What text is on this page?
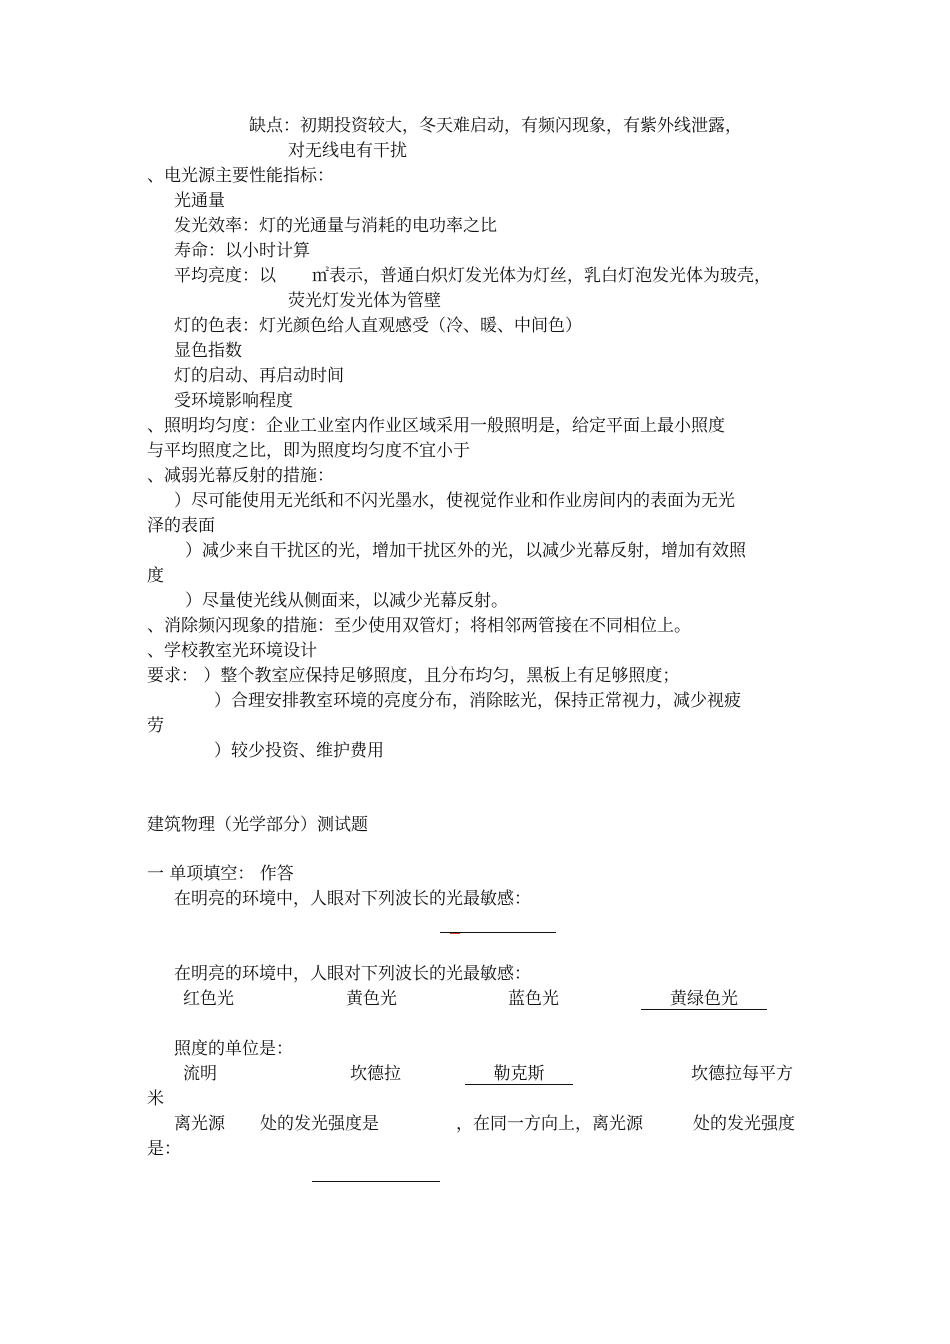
缺点：初期投资较大，冬天难启动，有频闪现象，有紫外线泄露，
对无线电有干扰
、电光源主要性能指标：
光通量
发光效率：灯的光通量与消耗的电功率之比
寿命：以小时计算
平均亮度：以 ㎡表示，普通白炽灯发光体为灯丝，乳白灯泡发光体为玻壳，
荧光灯发光体为管壁
灯的色表：灯光颜色给人直观感受（冷、暖、中间色）
显色指数
灯的启动、再启动时间
受环境影响程度
、照明均匀度：企业工业室内作业区域采用一般照明是，给定平面上最小照度
与平均照度之比，即为照度均匀度不宜小于
、减弱光幕反射的措施：
）尽可能使用无光纸和不闪光墨水，使视觉作业和作业房间内的表面为无光
泽的表面
）减少来自干扰区的光，增加干扰区外的光，以减少光幕反射，增加有效照
度
）尽量使光线从侧面来，以减少光幕反射。
、消除频闪现象的措施：至少使用双管灯；将相邻两管接在不同相位上。
、学校教室光环境设计
要求： ）整个教室应保持足够照度，且分布均匀，黑板上有足够照度；
）合理安排教室环境的亮度分布，消除眩光，保持正常视力，减少视疲
劳
）较少投资、维护费用
建筑物理（光学部分）测试题
一 单项填空： 作答
在明亮的环境中，人眼对下列波长的光最敏感：
在明亮的环境中，人眼对下列波长的光最敏感：
红色光	黄色光	蓝色光	黄绿色光
照度的单位是：
流明	坎德拉	勒克斯	坎德拉每平方
米
离光源 处的发光强度是	，在同一方向上，离光源	处的发光强度
是：
